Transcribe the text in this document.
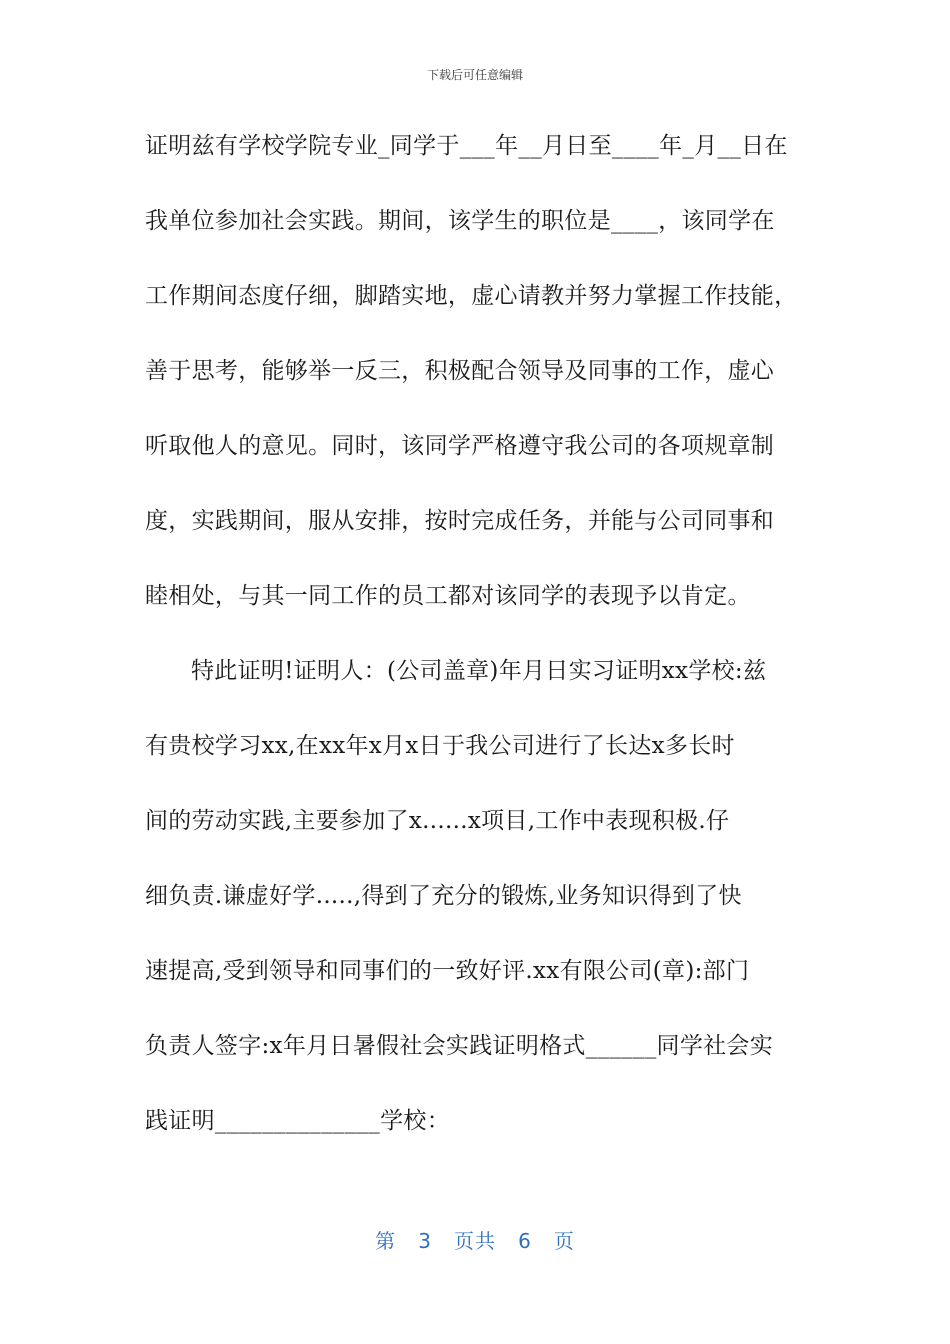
下载后可任意编辑
证明兹有学校学院专业_同学于___年__月日至____年_月__日在
我单位参加社会实践。期间，该学生的职位是____，该同学在
工作期间态度仔细，脚踏实地，虚心请教并努力掌握工作技能，
善于思考，能够举一反三，积极配合领导及同事的工作，虚心
听取他人的意见。同时，该同学严格遵守我公司的各项规章制
度，实践期间，服从安排，按时完成任务，并能与公司同事和
睦相处，与其一同工作的员工都对该同学的表现予以肯定。
特此证明!证明人：(公司盖章)年月日实习证明xx学校:兹
有贵校学习xx,在xx年x月x日于我公司进行了长达x多长时
间的劳动实践,主要参加了x......x项目,工作中表现积极.仔
细负责.谦虚好学.....,得到了充分的锻炼,业务知识得到了快
速提高,受到领导和同事们的一致好评.xx有限公司(章):部门
负责人签字:x年月日暑假社会实践证明格式______同学社会实
践证明______________学校：
第 3 页共 6 页
